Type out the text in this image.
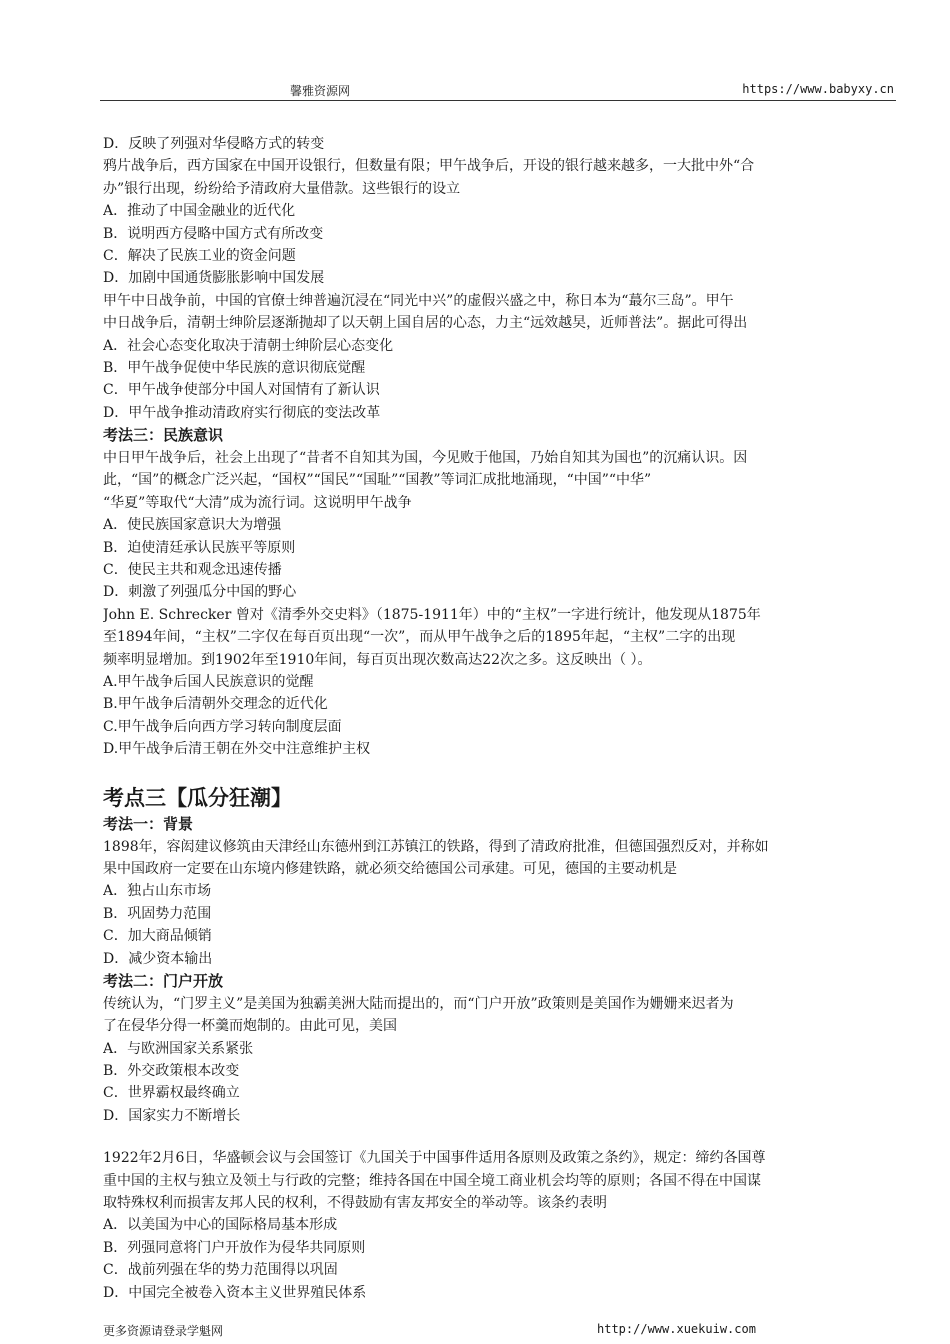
馨雅资源网	https://www.babyxy.cn
D．反映了列强对华侵略方式的转变
鸦片战争后，西方国家在中国开设银行，但数量有限；甲午战争后，开设的银行越来越多，一大批中外“合
办”银行出现，纷纷给予清政府大量借款。这些银行的设立
A．推动了中国金融业的近代化
B．说明西方侵略中国方式有所改变
C．解决了民族工业的资金问题
D．加剧中国通货膨胀影响中国发展
甲午中日战争前，中国的官僚士绅普遍沉浸在“同光中兴”的虚假兴盛之中，称日本为“蕞尔三岛”。甲午
中日战争后，清朝士绅阶层逐渐抛却了以天朝上国自居的心态，力主“远效越旲，近师普法”。据此可得出
A．社会心态变化取决于清朝士绅阶层心态变化
B．甲午战争促使中华民族的意识彻底觉醒
C．甲午战争使部分中国人对国情有了新认识
D．甲午战争推动清政府实行彻底的变法改革
考法三：民族意识
中日甲午战争后，社会上出现了“昔者不自知其为国，今见败于他国，乃始自知其为国也”的沉痛认识。因
此，“国”的概念广泛兴起，“国权”“国民”“国耻”“国教”等词汇成批地涌现，“中国”“中华”
“华夏”等取代“大清”成为流行词。这说明甲午战争
A．使民族国家意识大为增强
B．迫使清廷承认民族平等原则
C．使民主共和观念迅速传播
D．刺激了列强瓜分中国的野心
John E. Schrecker 曾对《清季外交史料》（1875-1911年）中的“主权”一字进行统计，他发现从1875年
至1894年间，“主权”二字仅在每百页出现“一次”，而从甲午战争之后的1895年起，“主权”二字的出现
频率明显增加。到1902年至1910年间，每百页出现次数高达22次之多。这反映出（ ）。
A.甲午战争后国人民族意识的觉醒
B.甲午战争后清朝外交理念的近代化
C.甲午战争后向西方学习转向制度层面
D.甲午战争后清王朝在外交中注意维护主权
考点三【瓜分狂潮】
考法一：背景
1898年，容闳建议修筑由天津经山东德州到江苏镇江的铁路，得到了清政府批准，但德国强烈反对，并称如
果中国政府一定要在山东境内修建铁路，就必须交给德国公司承建。可见，德国的主要动机是
A．独占山东市场
B．巩固势力范围
C．加大商品倾销
D．减少资本输出
考法二：门户开放
传统认为，“门罗主义”是美国为独霸美洲大陆而提出的，而“门户开放”政策则是美国作为姗姗来迟者为
了在侵华分得一杯羹而炮制的。由此可见，美国
A．与欧洲国家关系紧张
B．外交政策根本改变
C．世界霸权最终确立
D．国家实力不断增长
1922年2月6日，华盛顿会议与会国签订《九国关于中国事件适用各原则及政策之条约》，规定：缔约各国尊
重中国的主权与独立及领土与行政的完整；维持各国在中国全境工商业机会均等的原则；各国不得在中国谋
取特殊权利而损害友邦人民的权利，不得鼓励有害友邦安全的举动等。该条约表明
A．以美国为中心的国际格局基本形成
B．列强同意将门户开放作为侵华共同原则
C．战前列强在华的势力范围得以巩固
D．中国完全被卷入资本主义世界殖民体系
更多资源请登录学魁网	http://www.xuekuiw.com
